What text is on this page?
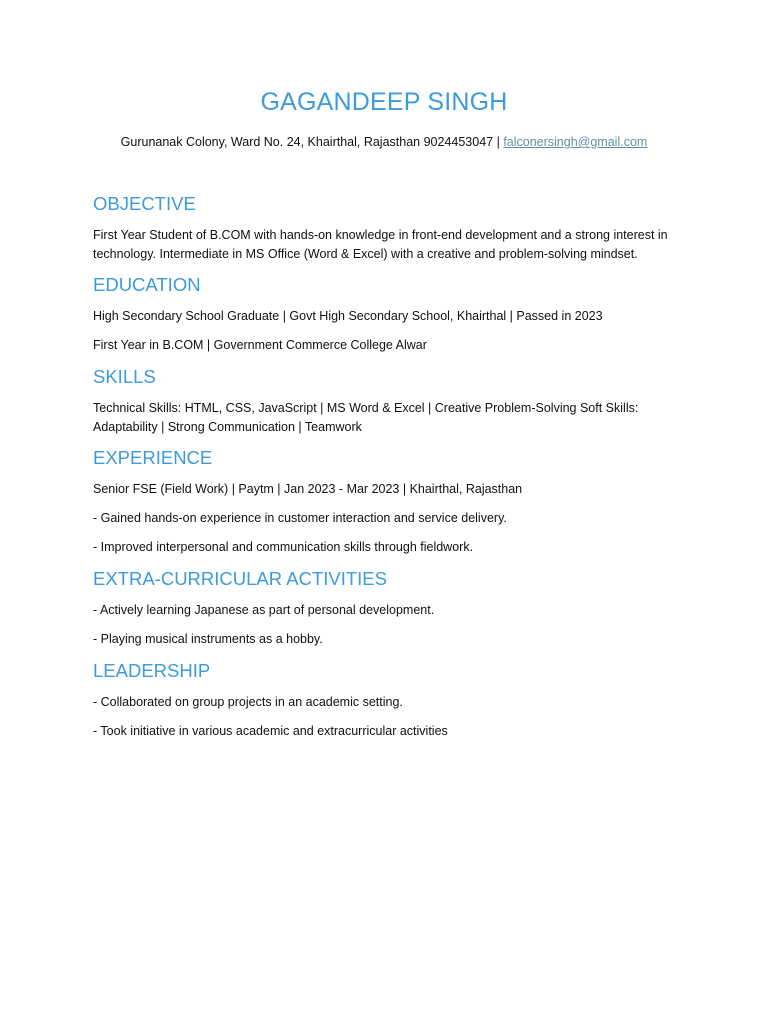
GAGANDEEP SINGH
Gurunanak Colony, Ward No. 24, Khairthal, Rajasthan 9024453047 | falconersingh@gmail.com
OBJECTIVE

First Year Student of B.COM with hands-on knowledge in front-end development and a strong interest in technology. Intermediate in MS Office (Word & Excel) with a creative and problem-solving mindset.

EDUCATION

High Secondary School Graduate | Govt High Secondary School, Khairthal | Passed in 2023

First Year in B.COM | Government Commerce College Alwar

SKILLS

Technical Skills: HTML, CSS, JavaScript | MS Word & Excel | Creative Problem-Solving Soft Skills: Adaptability | Strong Communication | Teamwork

EXPERIENCE

Senior FSE (Field Work) | Paytm | Jan 2023 - Mar 2023 | Khairthal, Rajasthan

- Gained hands-on experience in customer interaction and service delivery.

- Improved interpersonal and communication skills through fieldwork.

EXTRA-CURRICULAR ACTIVITIES

- Actively learning Japanese as part of personal development.

- Playing musical instruments as a hobby.

LEADERSHIP

- Collaborated on group projects in an academic setting.

- Took initiative in various academic and extracurricular activities
